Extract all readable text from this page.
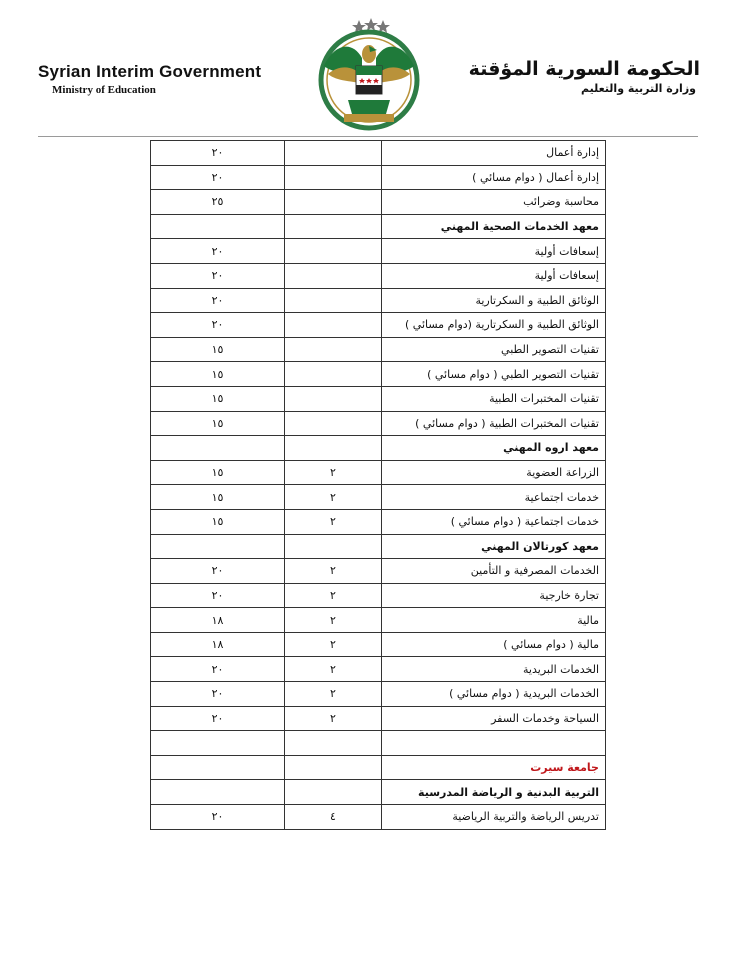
Syrian Interim Government
Ministry of Education
الحكومة السورية المؤقتة
وزارة التربية والتعليم
٢٠		إدارة أعمال
٢٠		إدارة أعمال ( دوام مسائي )
٢٥		محاسبة وضرائب
		معهد الخدمات الصحية المهني
٢٠		إسعافات أولية
٢٠		إسعافات أولية
٢٠		الوثائق الطبية و السكرتارية
٢٠		الوثائق الطبية و السكرتارية (دوام مسائي )
١٥		تقنيات التصوير الطبي
١٥		تقنيات التصوير الطبي ( دوام مسائي )
١٥		تقنيات المختبرات الطبية
١٥		تقنيات المختبرات الطبية ( دوام مسائي )
		معهد اروه المهني
١٥	٢	الزراعة العضوية
١٥	٢	خدمات اجتماعية
١٥	٢	خدمات اجتماعية ( دوام مسائي )
		معهد كورتالان المهني
٢٠	٢	الخدمات المصرفية و التأمين
٢٠	٢	تجارة خارجية
١٨	٢	مالية
١٨	٢	مالية ( دوام مسائي )
٢٠	٢	الخدمات البريدية
٢٠	٢	الخدمات البريدية ( دوام مسائي )
٢٠	٢	السياحة وخدمات السفر

		جامعة سيرت
		التربية البدنية و الرياضة المدرسية
٢٠	٤	تدريس الرياضة والتربية الرياضية
